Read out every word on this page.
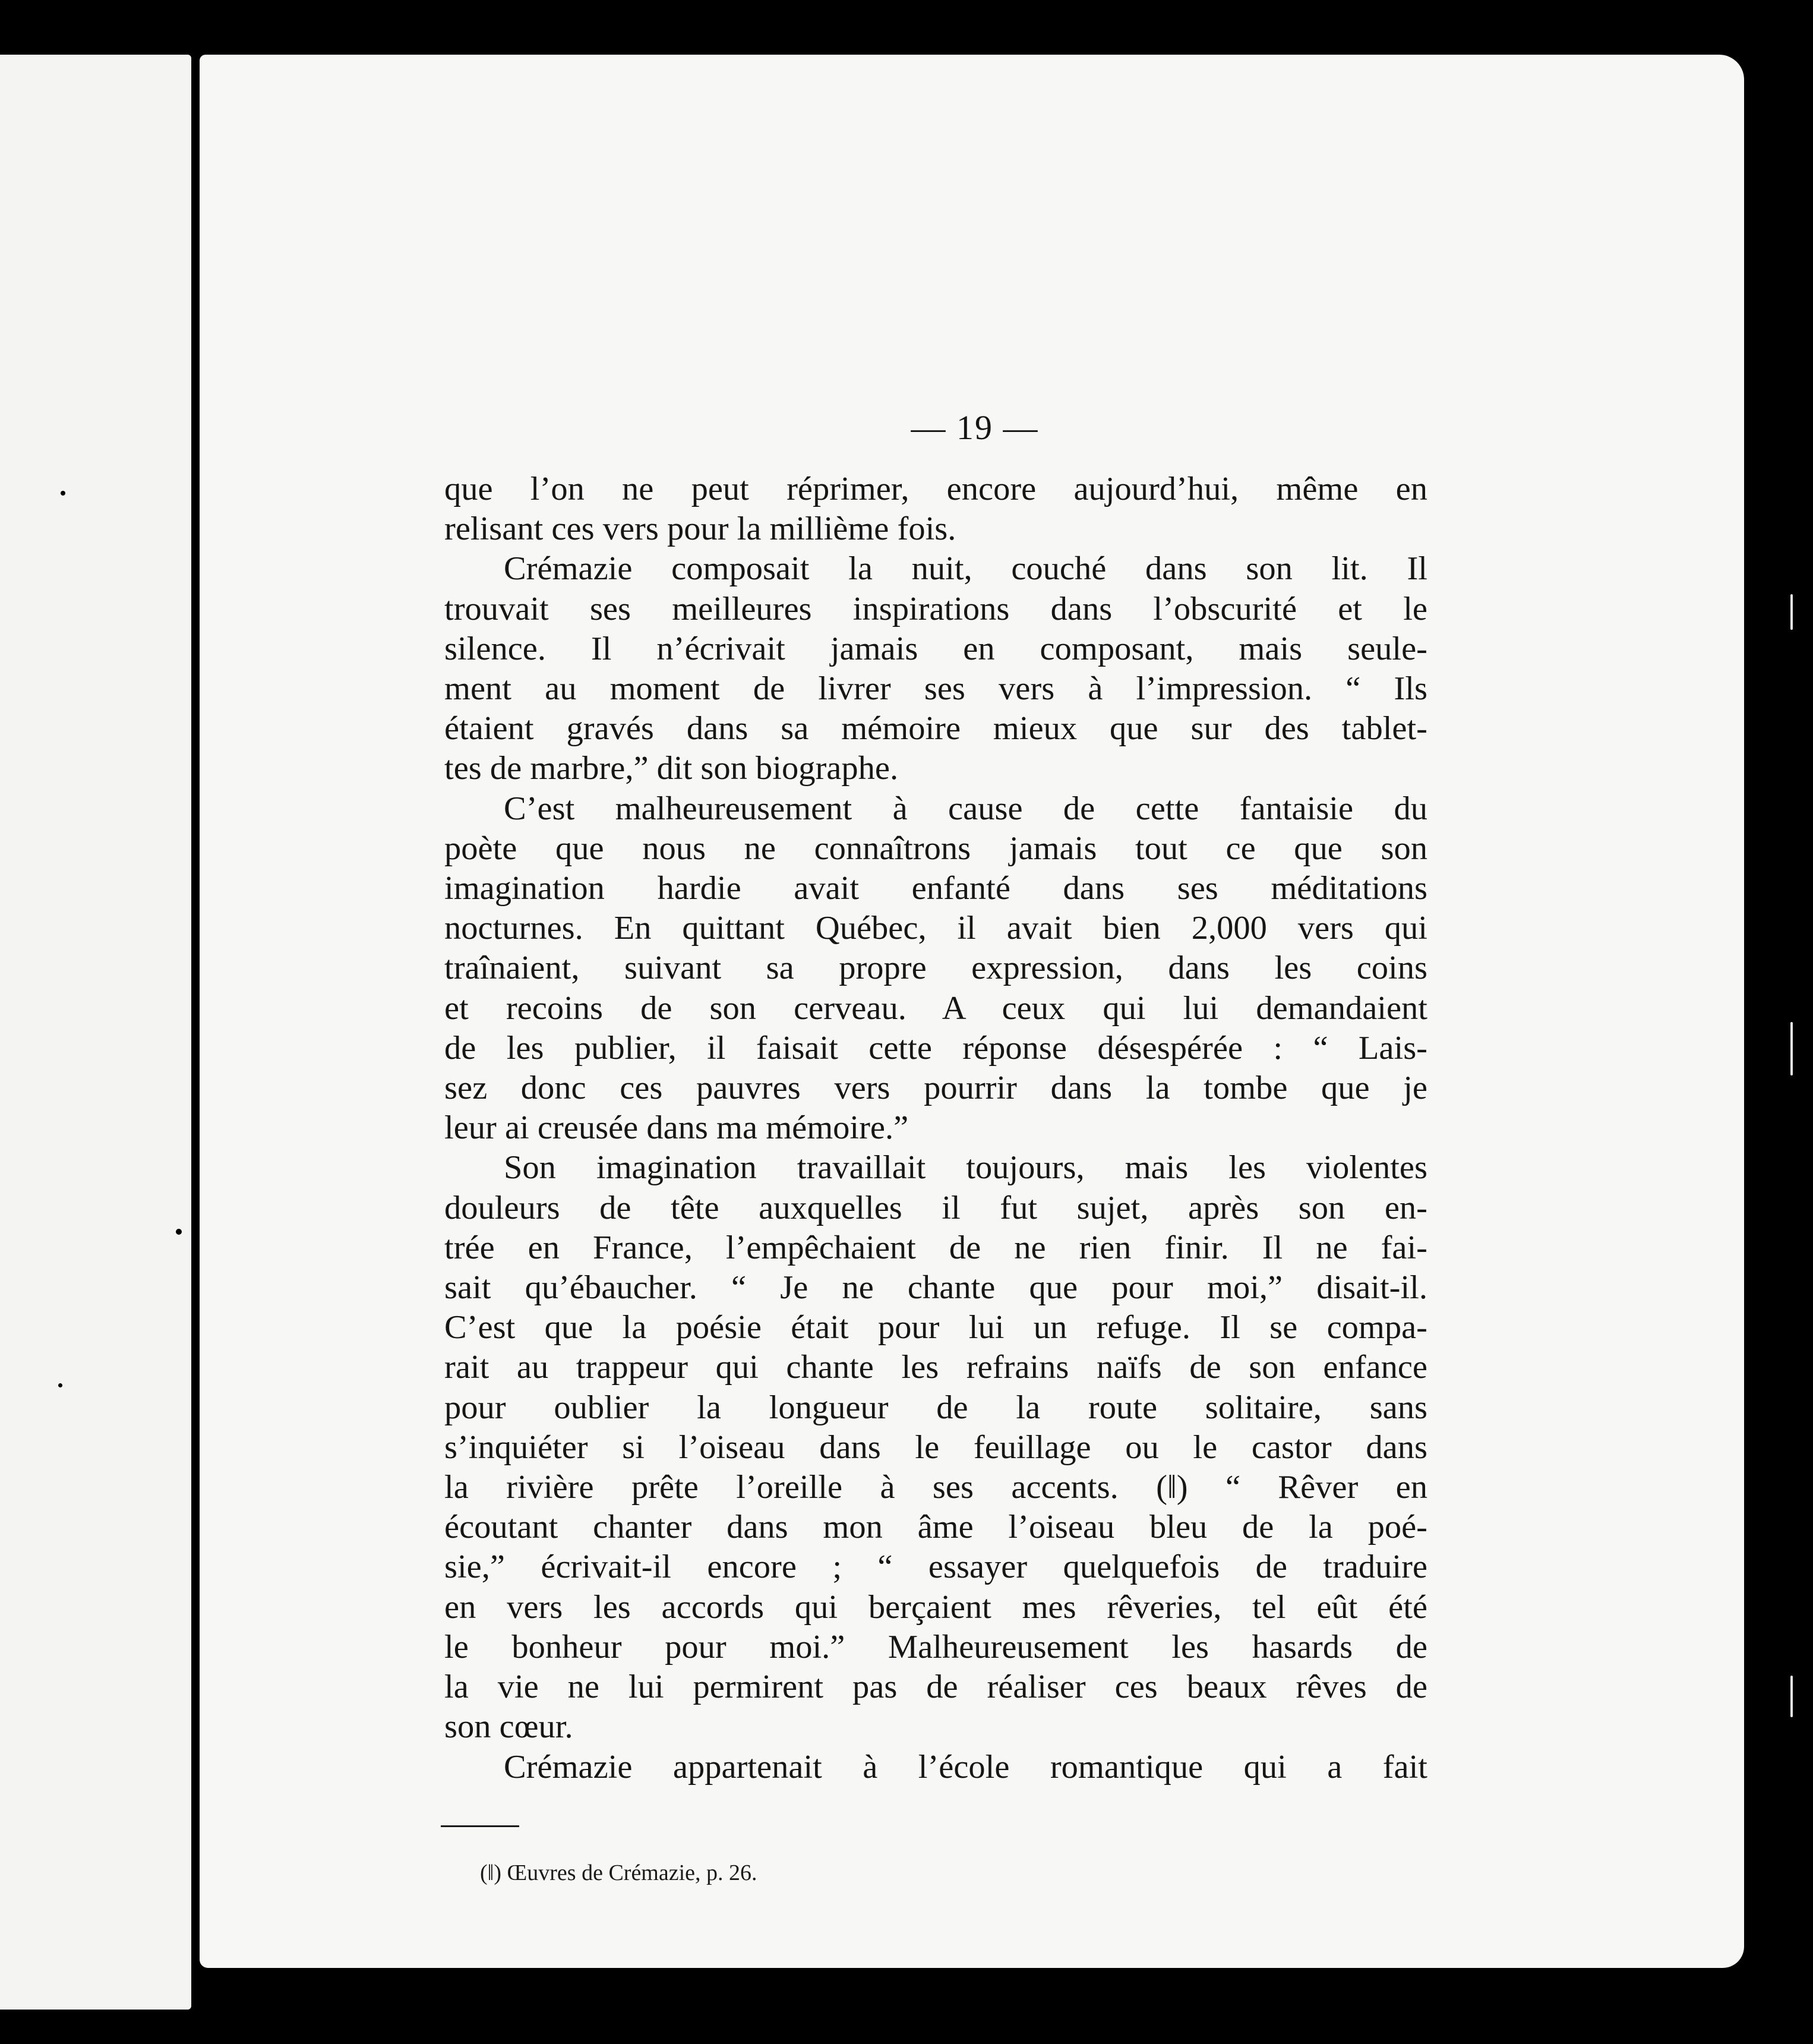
— 19 —
que l’on ne peut réprimer, encore aujourd’hui, même en
relisant ces vers pour la millième fois.
Crémazie composait la nuit, couché dans son lit. Il
trouvait ses meilleures inspirations dans l’obscurité et le
silence. Il n’écrivait jamais en composant, mais seule-
ment au moment de livrer ses vers à l’impression. “ Ils
étaient gravés dans sa mémoire mieux que sur des tablet-
tes de marbre,” dit son biographe.
C’est malheureusement à cause de cette fantaisie du
poète que nous ne connaîtrons jamais tout ce que son
imagination hardie avait enfanté dans ses méditations
nocturnes. En quittant Québec, il avait bien 2,000 vers qui
traînaient, suivant sa propre expression, dans les coins
et recoins de son cerveau. A ceux qui lui demandaient
de les publier, il faisait cette réponse désespérée : “ Lais-
sez donc ces pauvres vers pourrir dans la tombe que je
leur ai creusée dans ma mémoire.”
Son imagination travaillait toujours, mais les violentes
douleurs de tête auxquelles il fut sujet, après son en-
trée en France, l’empêchaient de ne rien finir. Il ne fai-
sait qu’ébaucher. “ Je ne chante que pour moi,” disait-il.
C’est que la poésie était pour lui un refuge. Il se compa-
rait au trappeur qui chante les refrains naïfs de son enfance
pour oublier la longueur de la route solitaire, sans
s’inquiéter si l’oiseau dans le feuillage ou le castor dans
la rivière prête l’oreille à ses accents. (‖) “ Rêver en
écoutant chanter dans mon âme l’oiseau bleu de la poé-
sie,” écrivait-il encore ; “ essayer quelquefois de traduire
en vers les accords qui berçaient mes rêveries, tel eût été
le bonheur pour moi.” Malheureusement les hasards de
la vie ne lui permirent pas de réaliser ces beaux rêves de
son cœur.
Crémazie appartenait à l’école romantique qui a fait
(‖) Œuvres de Crémazie, p. 26.
